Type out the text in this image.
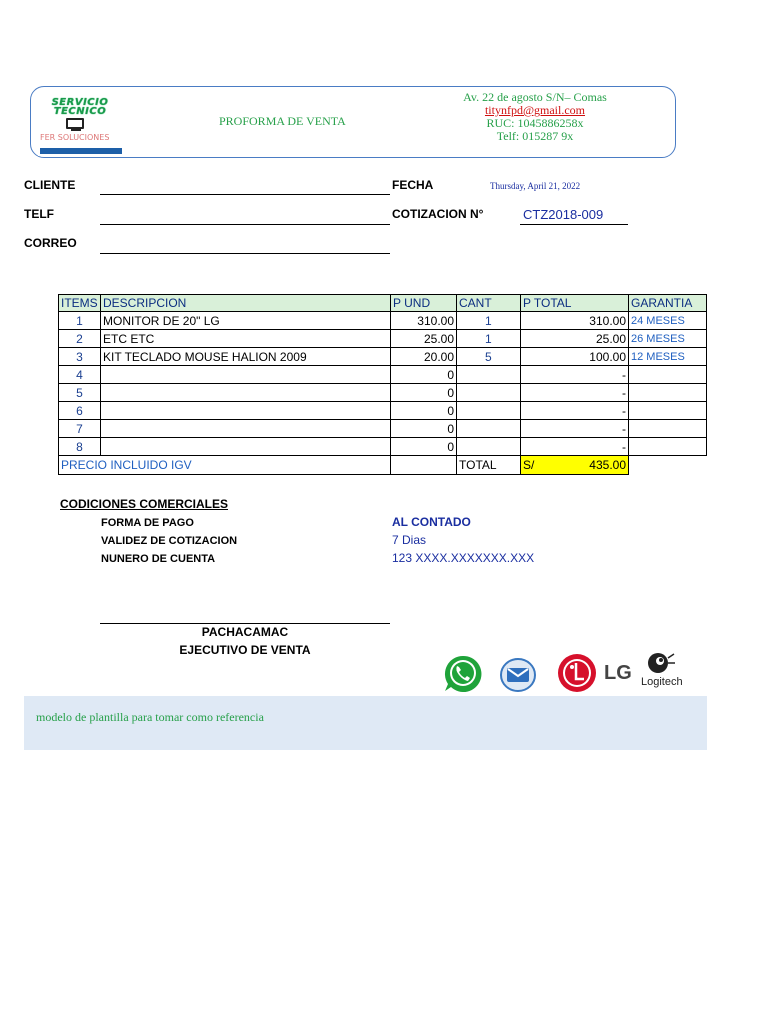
SERVICIO
TECNICO
FER SOLUCIONES
PROFORMA DE VENTA
Av. 22 de agosto S/N– Comas
titynfpd@gmail.com
RUC: 1045886258x
Telf: 015287 9x
CLIENTE
TELF
CORREO
FECHA	Thursday, April 21, 2022
COTIZACION N°	CTZ2018-009
ITEMS	DESCRIPCION	P UND	CANT	P TOTAL	GARANTIA
1	MONITOR DE 20" LG	310.00	1	310.00	24 MESES
2	ETC ETC	25.00	1	25.00	26 MESES
3	KIT TECLADO MOUSE HALION 2009	20.00	5	100.00	12 MESES
4		0		-	
5		0		-	
6		0		-	
7		0		-	
8		0		-	
PRECIO INCLUIDO IGV			TOTAL	S/ 435.00	

CODICIONES COMERCIALES
FORMA DE PAGO	AL CONTADO
VALIDEZ DE COTIZACION	7 Dias
NUNERO DE CUENTA	123 XXXX.XXXXXXX.XXX
PACHACAMAC
EJECUTIVO DE VENTA
LG Logitech
modelo de plantilla para tomar como referencia
